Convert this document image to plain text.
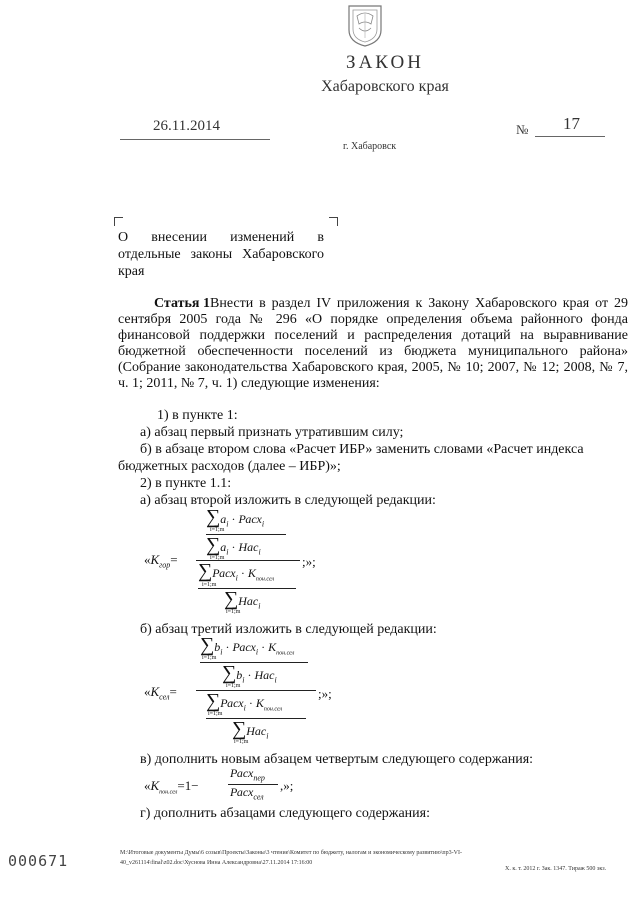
ЗАКОН
Хабаровского края
26.11.2014	№ 17
г. Хабаровск
О внесении изменений в отдельные законы Хабаровского края
Статья 1 Внести в раздел IV приложения к Закону Хабаровского края от 29 сентября 2005 года № 296 «О порядке определения объема районного фонда финансовой поддержки поселений и распределения дотаций на выравнивание бюджетной обеспеченности поселений из бюджета муниципального района» (Собрание законодательства Хабаровского края, 2005, № 10; 2007, № 12; 2008, № 7, ч. 1; 2011, № 7, ч. 1) следующие изменения:
1) в пункте 1:
а) абзац первый признать утратившим силу;
б) в абзаце втором слова «Расчет ИБР» заменить словами «Расчет индекса
бюджетных расходов (далее – ИБР)»;
2) в пункте 1.1:
а) абзац второй изложить в следующей редакции:
«$K_{гор}=$
$\sum a_i$ · Расх$_i$
i=1;m
$\sum a_i \cdot Нас_i$
i=1;m
∑Расх$_i$ · $K_{пон.сел}$
i=1;m
∑Нас$_i$
i=1;m
;»;
б) абзац третий изложить в следующей редакции:
«$K_{сел}=$
$\sum b_i$ · Расх$_i$ · $K_{пон.сел}$
i=1;m
$\sum b_i \cdot Нас_i$
i=1;m
∑Расх$_i$ · $K_{пон.сел}$
i=1;m
∑Нас$_i$
i=1;m
;»;
в) дополнить новым абзацем четвертым следующего содержания:
«$K_{пон.сел}=1-$
Расх$_{пер}$
Расх$_{сел}$
,»;
г) дополнить абзацами следующего содержания:
М:\Итоговые документы Думы\6 созыв\Проекты\Законы\3 чтение\Комитет по бюджету, налогам и экономическому развитию\пр3-VI-
40_v261114\final\z02.doc\Хуснова Инна Александровна\27.11.2014 17:16:00
Х. к. т. 2012 г. Зак. 1347. Тираж 500 экз.
000671
